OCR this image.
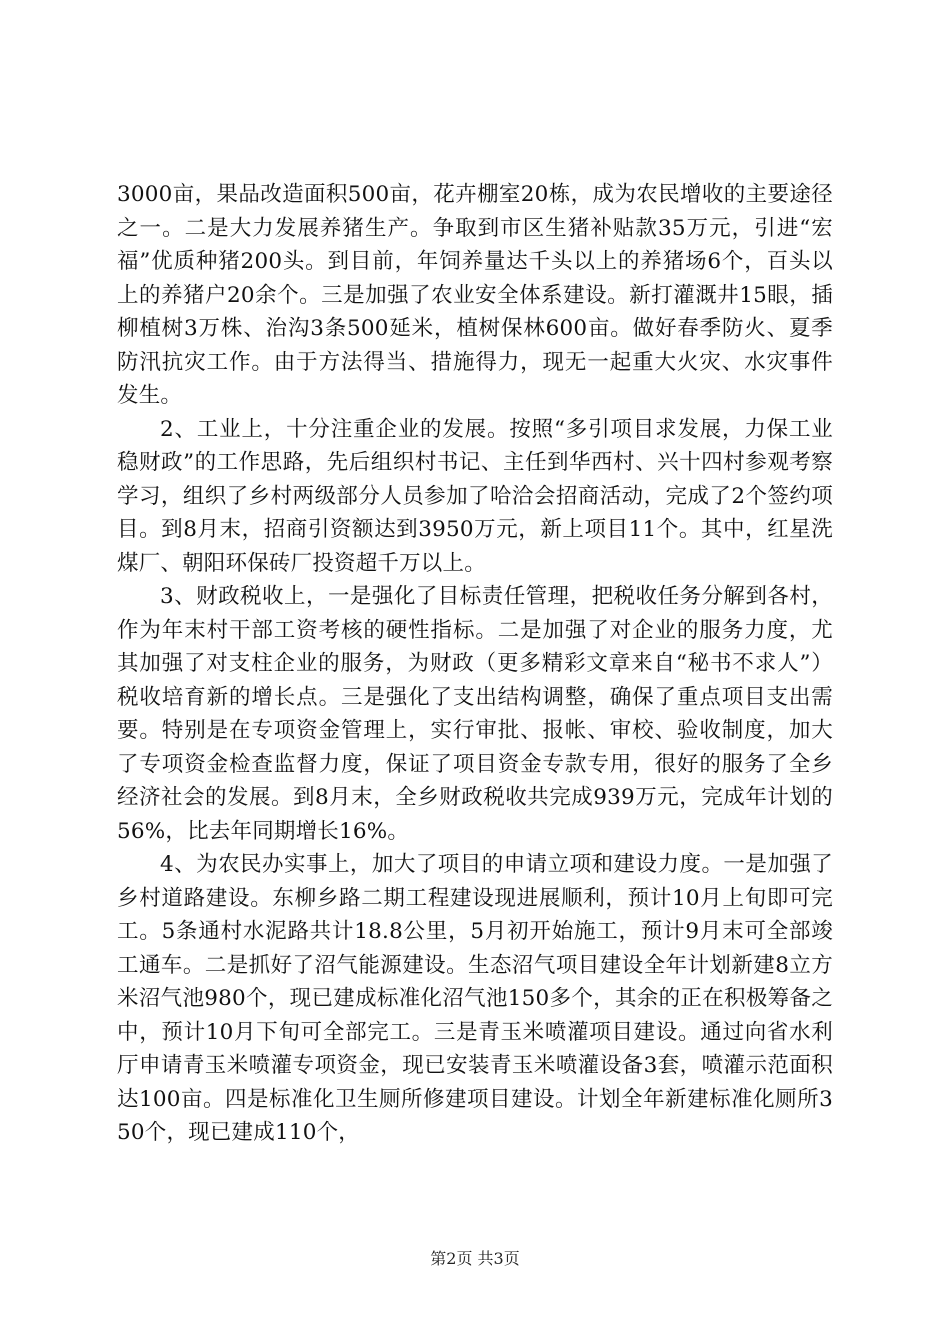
3000亩，果品改造面积500亩，花卉棚室20栋，成为农民增收的主要途径之一。二是大力发展养猪生产。争取到市区生猪补贴款35万元，引进“宏福”优质种猪200头。到目前，年饲养量达千头以上的养猪场6个，百头以上的养猪户20余个。三是加强了农业安全体系建设。新打灌溉井15眼，插柳植树3万株、治沟3条500延米，植树保林600亩。做好春季防火、夏季防汛抗灾工作。由于方法得当、措施得力，现无一起重大火灾、水灾事件发生。

2、工业上，十分注重企业的发展。按照“多引项目求发展，力保工业稳财政”的工作思路，先后组织村书记、主任到华西村、兴十四村参观考察学习，组织了乡村两级部分人员参加了哈洽会招商活动，完成了2个签约项目。到8月末，招商引资额达到3950万元，新上项目11个。其中，红星洗煤厂、朝阳环保砖厂投资超千万以上。

3、财政税收上，一是强化了目标责任管理，把税收任务分解到各村，作为年末村干部工资考核的硬性指标。二是加强了对企业的服务力度，尤其加强了对支柱企业的服务，为财政（更多精彩文章来自“秘书不求人”）税收培育新的增长点。三是强化了支出结构调整，确保了重点项目支出需要。特别是在专项资金管理上，实行审批、报帐、审校、验收制度，加大了专项资金检查监督力度，保证了项目资金专款专用，很好的服务了全乡经济社会的发展。到8月末，全乡财政税收共完成939万元，完成年计划的56%，比去年同期增长16%。

4、为农民办实事上，加大了项目的申请立项和建设力度。一是加强了乡村道路建设。东柳乡路二期工程建设现进展顺利，预计10月上旬即可完工。5条通村水泥路共计18.8公里，5月初开始施工，预计9月末可全部竣工通车。二是抓好了沼气能源建设。生态沼气项目建设全年计划新建8立方米沼气池980个，现已建成标准化沼气池150多个，其余的正在积极筹备之中，预计10月下旬可全部完工。三是青玉米喷灌项目建设。通过向省水利厅申请青玉米喷灌专项资金，现已安装青玉米喷灌设备3套，喷灌示范面积达100亩。四是标准化卫生厕所修建项目建设。计划全年新建标准化厕所350个，现已建成110个，

第2页 共3页
